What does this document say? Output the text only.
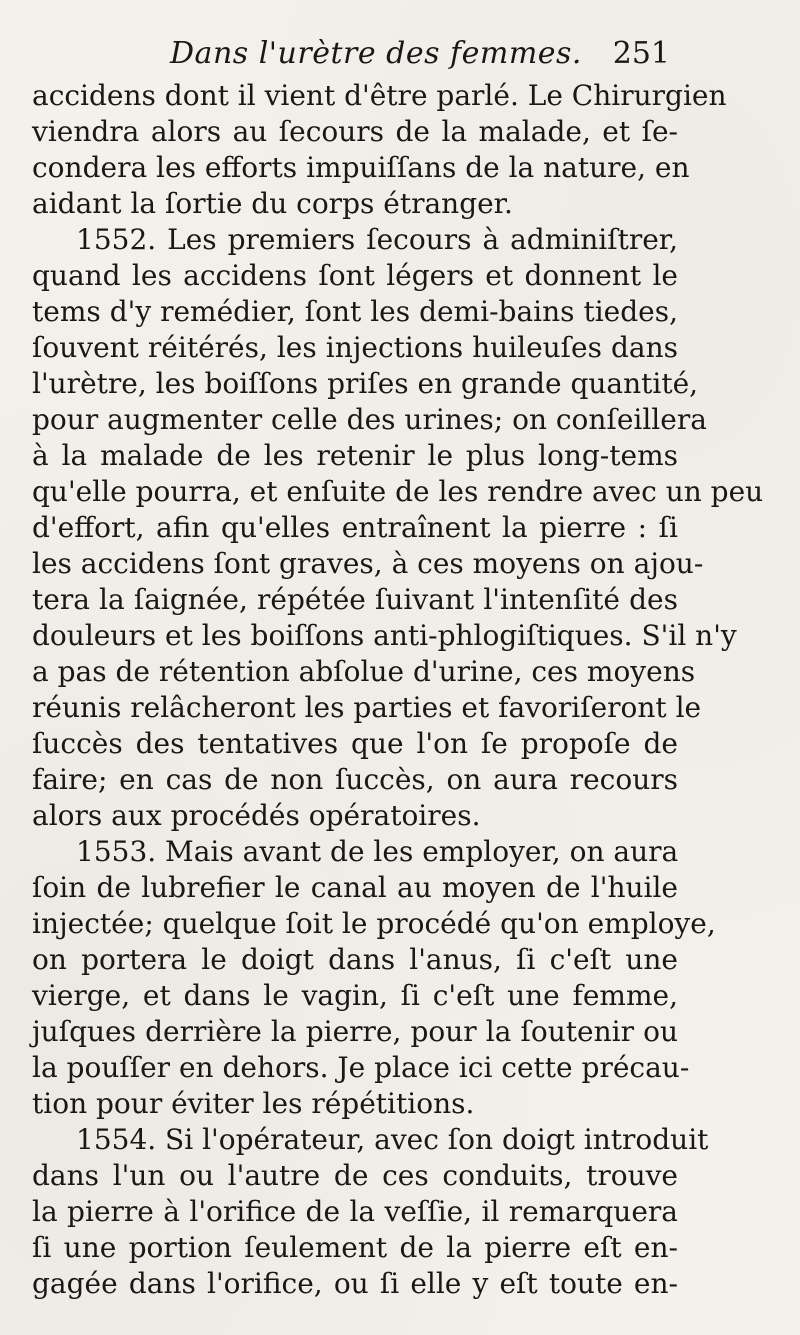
Dans l'urètre des femmes. 251
accidens dont il vient d'être parlé. Le Chirurgien
viendra alors au ſecours de la malade, et ſe-
condera les efforts impuiſſans de la nature, en
aidant la ſortie du corps étranger.
1552. Les premiers ſecours à adminiſtrer,
quand les accidens ſont légers et donnent le
tems d'y remédier, ſont les demi-bains tiedes,
ſouvent réitérés, les injections huileuſes dans
l'urètre, les boiſſons priſes en grande quantité,
pour augmenter celle des urines; on conſeillera
à la malade de les retenir le plus long-tems
qu'elle pourra, et enſuite de les rendre avec un peu
d'effort, afin qu'elles entraînent la pierre : ſi
les accidens ſont graves, à ces moyens on ajou-
tera la ſaignée, répétée ſuivant l'intenſité des
douleurs et les boiſſons anti-phlogiſtiques. S'il n'y
a pas de rétention abſolue d'urine, ces moyens
réunis relâcheront les parties et favoriſeront le
ſuccès des tentatives que l'on ſe propoſe de
faire; en cas de non ſuccès, on aura recours
alors aux procédés opératoires.
1553. Mais avant de les employer, on aura
ſoin de lubrefier le canal au moyen de l'huile
injectée; quelque ſoit le procédé qu'on employe,
on portera le doigt dans l'anus, ſi c'eſt une
vierge, et dans le vagin, ſi c'eſt une femme,
juſques derrière la pierre, pour la ſoutenir ou
la pouſſer en dehors. Je place ici cette précau-
tion pour éviter les répétitions.
1554. Si l'opérateur, avec ſon doigt introduit
dans l'un ou l'autre de ces conduits, trouve
la pierre à l'orifice de la veſſie, il remarquera
ſi une portion ſeulement de la pierre eſt en-
gagée dans l'orifice, ou ſi elle y eſt toute en-
